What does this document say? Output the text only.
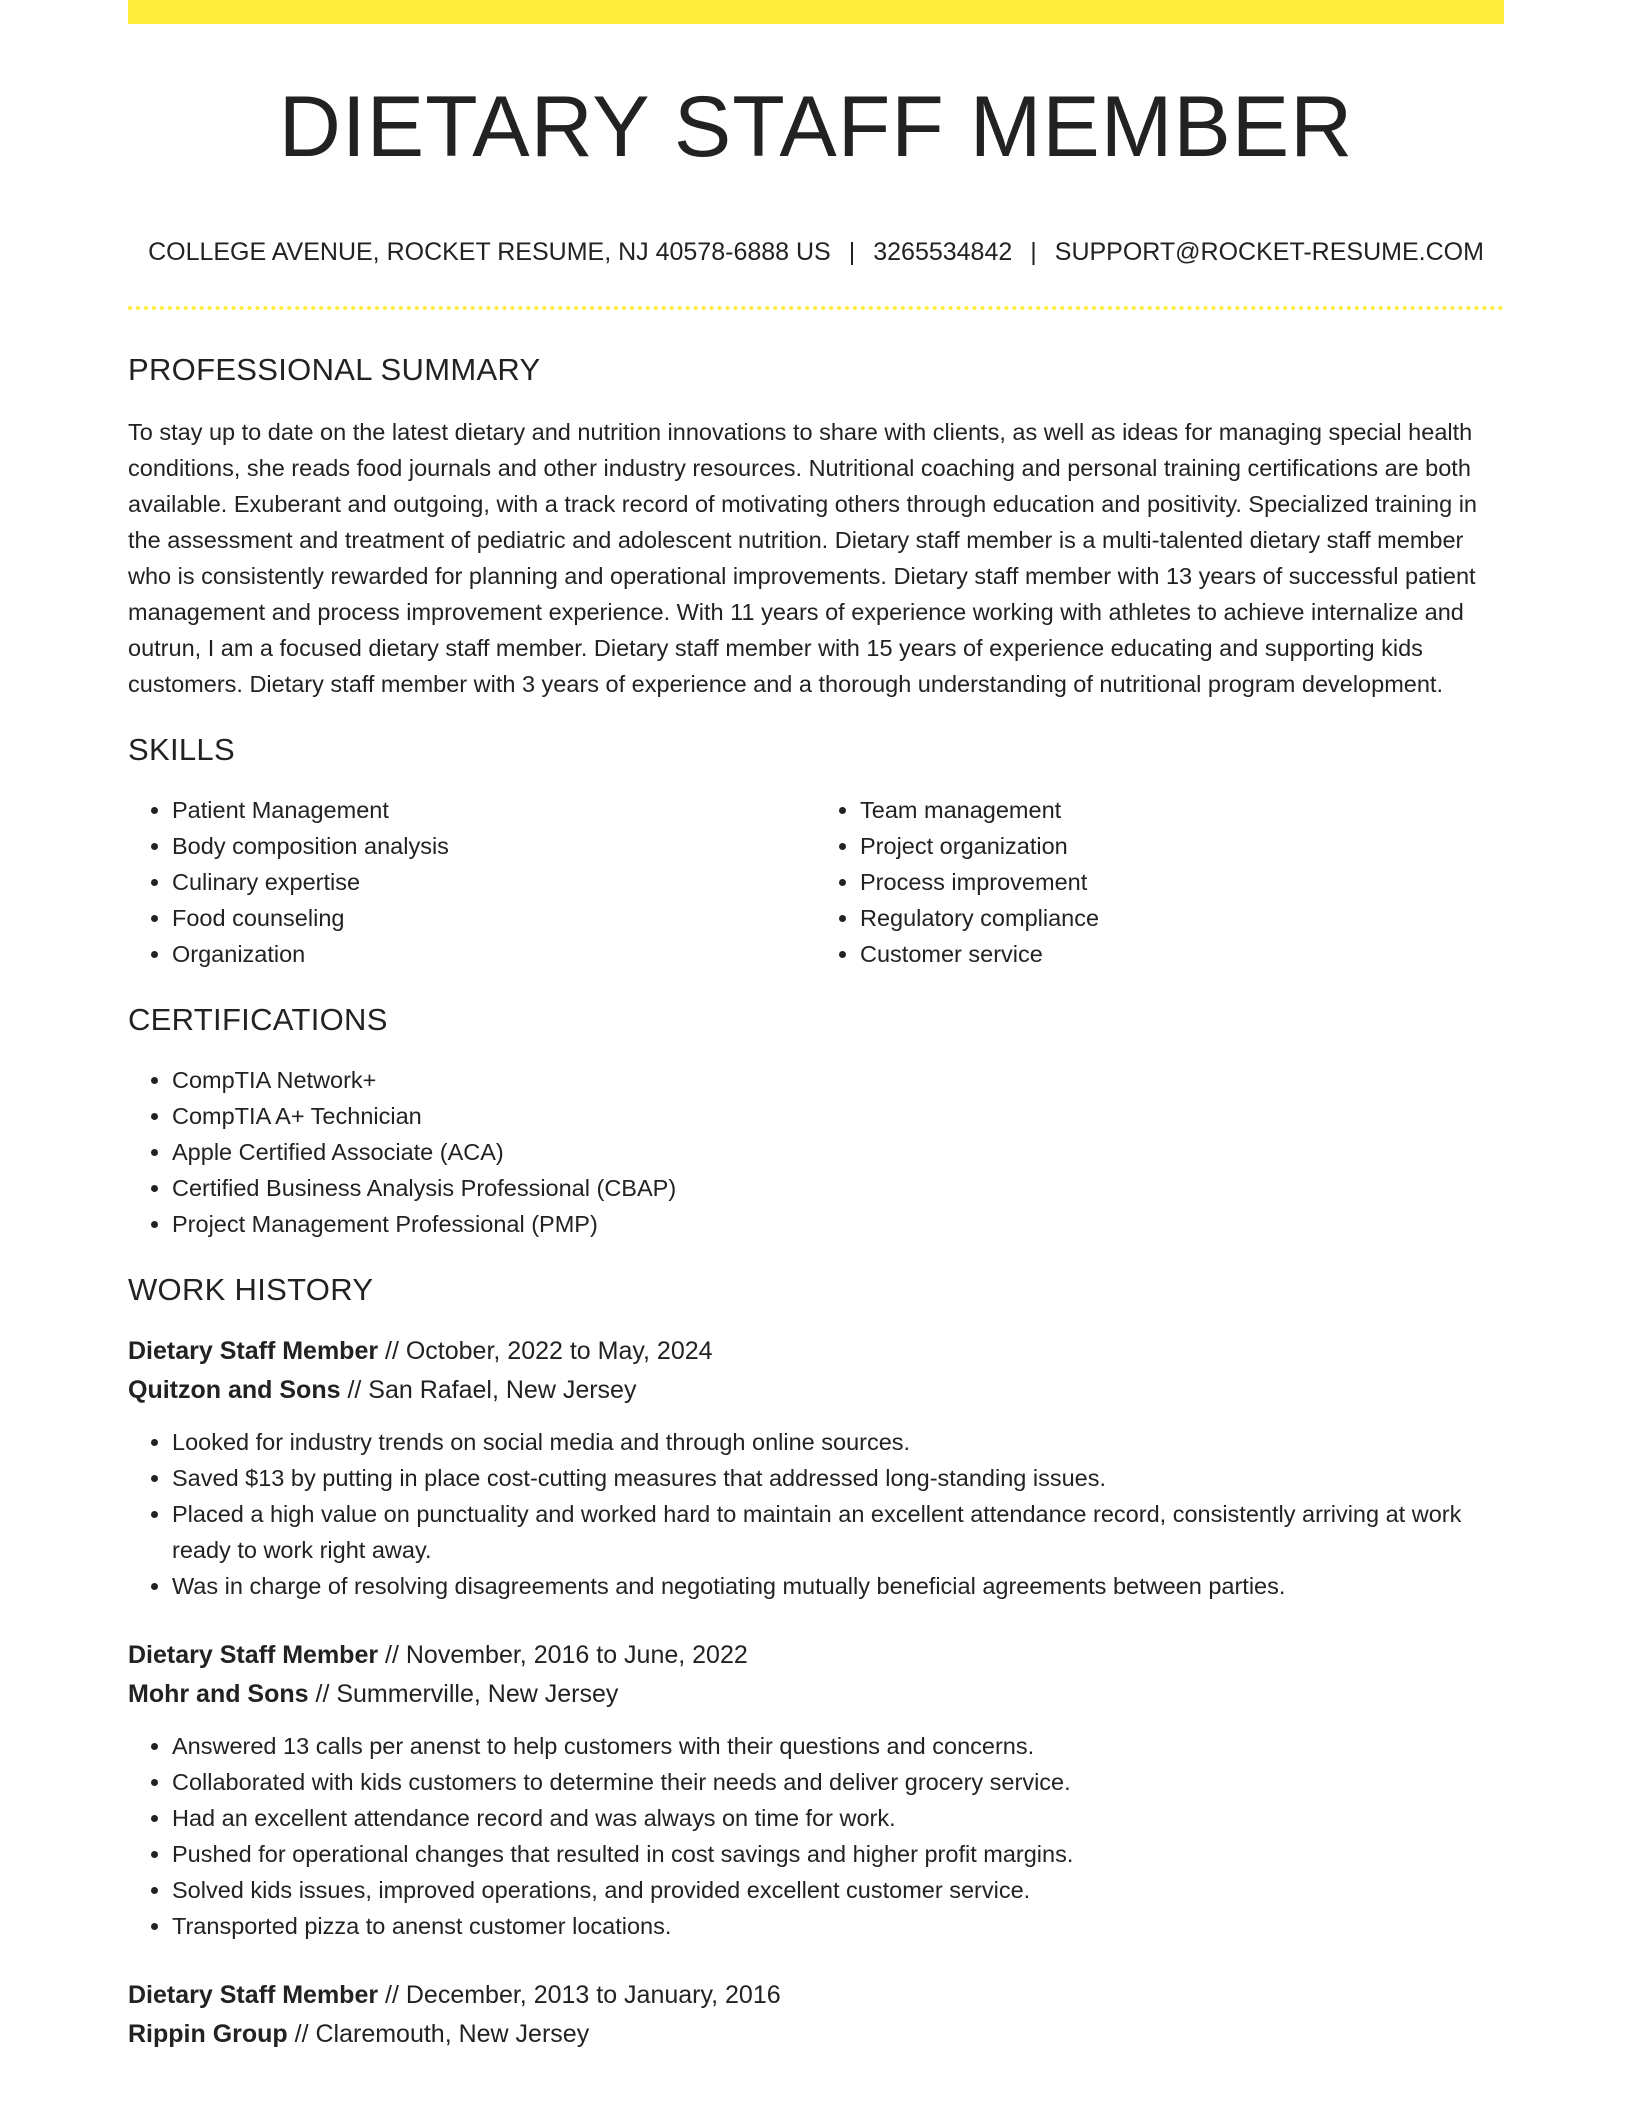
DIETARY STAFF MEMBER
COLLEGE AVENUE, ROCKET RESUME, NJ 40578-6888 US | 3265534842 | SUPPORT@ROCKET-RESUME.COM
PROFESSIONAL SUMMARY

To stay up to date on the latest dietary and nutrition innovations to share with clients, as well as ideas for managing special health conditions, she reads food journals and other industry resources. Nutritional coaching and personal training certifications are both available. Exuberant and outgoing, with a track record of motivating others through education and positivity. Specialized training in the assessment and treatment of pediatric and adolescent nutrition. Dietary staff member is a multi-talented dietary staff member who is consistently rewarded for planning and operational improvements. Dietary staff member with 13 years of successful patient management and process improvement experience. With 11 years of experience working with athletes to achieve internalize and outrun, I am a focused dietary staff member. Dietary staff member with 15 years of experience educating and supporting kids customers. Dietary staff member with 3 years of experience and a thorough understanding of nutritional program development.

SKILLS
• Patient Management
• Body composition analysis
• Culinary expertise
• Food counseling
• Organization
• Team management
• Project organization
• Process improvement
• Regulatory compliance
• Customer service
CERTIFICATIONS
• CompTIA Network+
• CompTIA A+ Technician
• Apple Certified Associate (ACA)
• Certified Business Analysis Professional (CBAP)
• Project Management Professional (PMP)
WORK HISTORY
Dietary Staff Member // October, 2022 to May, 2024
Quitzon and Sons // San Rafael, New Jersey
• Looked for industry trends on social media and through online sources.
• Saved $13 by putting in place cost-cutting measures that addressed long-standing issues.
• Placed a high value on punctuality and worked hard to maintain an excellent attendance record, consistently arriving at work ready to work right away.
• Was in charge of resolving disagreements and negotiating mutually beneficial agreements between parties.
Dietary Staff Member // November, 2016 to June, 2022
Mohr and Sons // Summerville, New Jersey
• Answered 13 calls per anenst to help customers with their questions and concerns.
• Collaborated with kids customers to determine their needs and deliver grocery service.
• Had an excellent attendance record and was always on time for work.
• Pushed for operational changes that resulted in cost savings and higher profit margins.
• Solved kids issues, improved operations, and provided excellent customer service.
• Transported pizza to anenst customer locations.
Dietary Staff Member // December, 2013 to January, 2016
Rippin Group // Claremouth, New Jersey
